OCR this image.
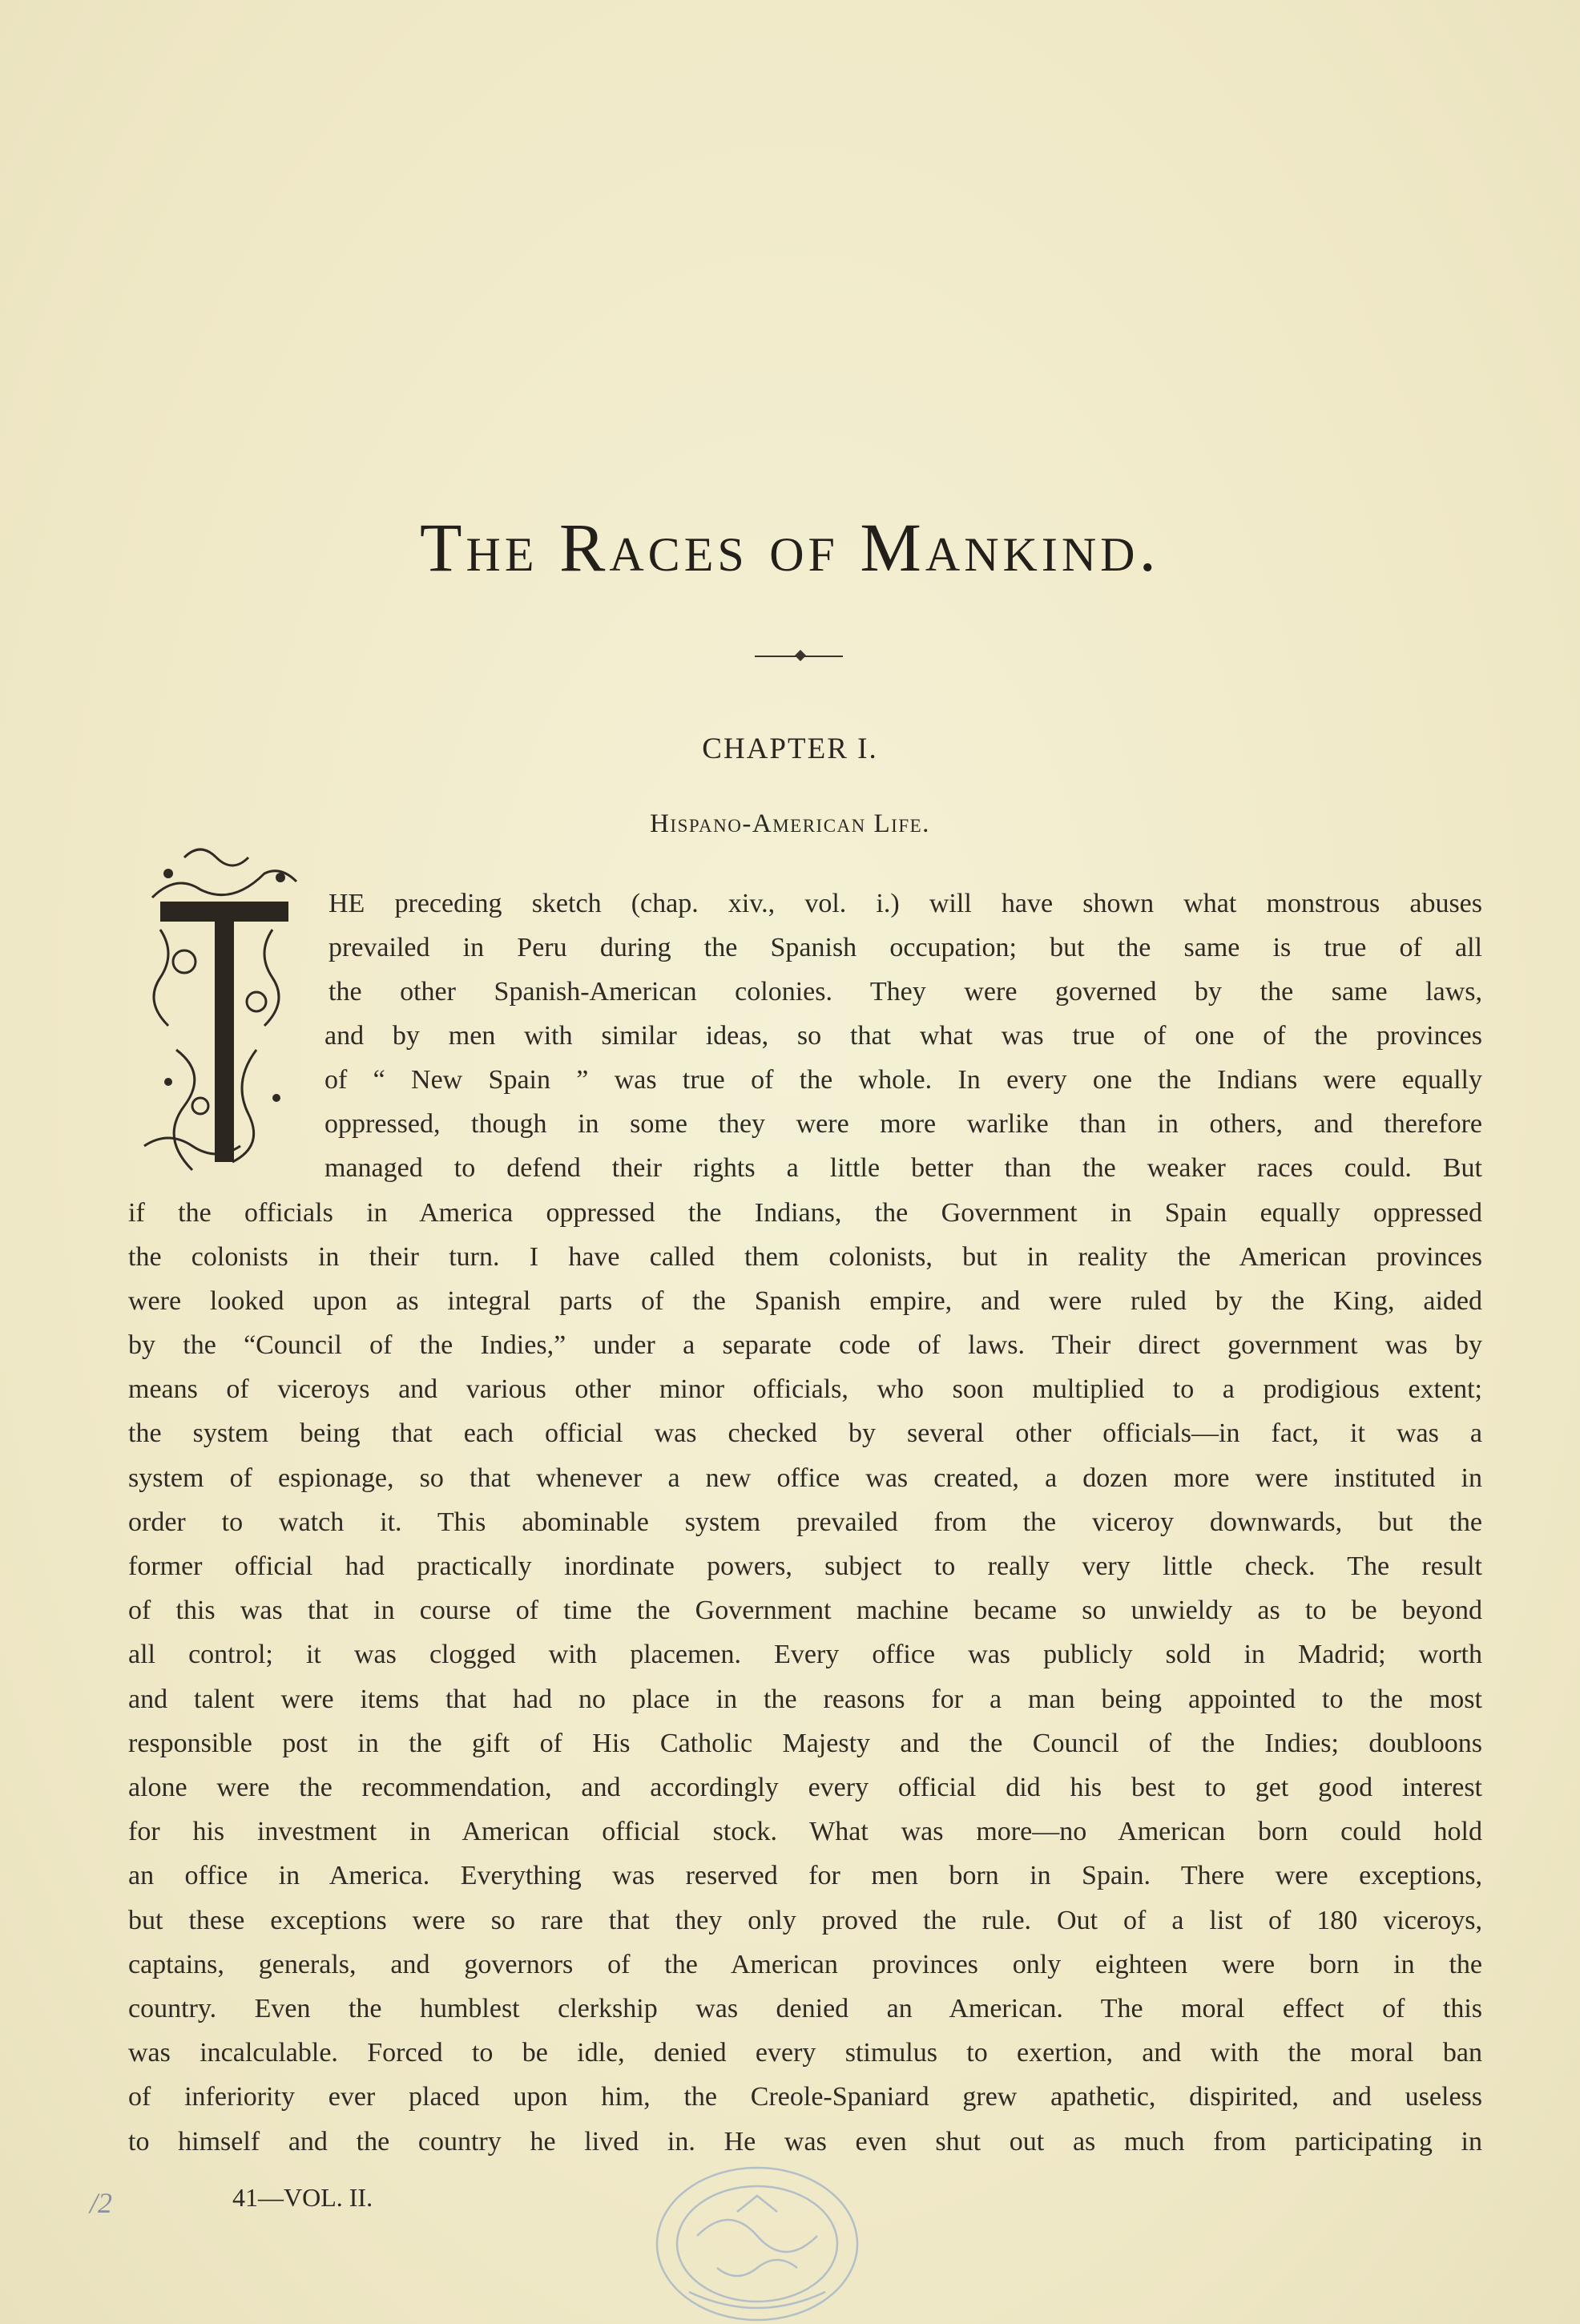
The Races of Mankind.
CHAPTER I.
Hispano-American Life.
T
HE preceding sketch (chap. xiv., vol. i.) will have shown what monstrous abuses
prevailed in Peru during the Spanish occupation; but the same is true of all
the other Spanish-American colonies. They were governed by the same laws,
and by men with similar ideas, so that what was true of one of the provinces
of “ New Spain ” was true of the whole. In every one the Indians were equally
oppressed, though in some they were more warlike than in others, and therefore
managed to defend their rights a little better than the weaker races could. But
if the officials in America oppressed the Indians, the Government in Spain equally oppressed
the colonists in their turn. I have called them colonists, but in reality the American provinces
were looked upon as integral parts of the Spanish empire, and were ruled by the King, aided
by the “Council of the Indies,” under a separate code of laws. Their direct government was by
means of viceroys and various other minor officials, who soon multiplied to a prodigious extent;
the system being that each official was checked by several other officials—in fact, it was a
system of espionage, so that whenever a new office was created, a dozen more were instituted in
order to watch it. This abominable system prevailed from the viceroy downwards, but the
former official had practically inordinate powers, subject to really very little check. The result
of this was that in course of time the Government machine became so unwieldy as to be beyond
all control; it was clogged with placemen. Every office was publicly sold in Madrid; worth
and talent were items that had no place in the reasons for a man being appointed to the most
responsible post in the gift of His Catholic Majesty and the Council of the Indies; doubloons
alone were the recommendation, and accordingly every official did his best to get good interest
for his investment in American official stock. What was more—no American born could hold
an office in America. Everything was reserved for men born in Spain. There were exceptions,
but these exceptions were so rare that they only proved the rule. Out of a list of 180 viceroys,
captains, generals, and governors of the American provinces only eighteen were born in the
country. Even the humblest clerkship was denied an American. The moral effect of this
was incalculable. Forced to be idle, denied every stimulus to exertion, and with the moral ban
of inferiority ever placed upon him, the Creole-Spaniard grew apathetic, dispirited, and useless
to himself and the country he lived in. He was even shut out as much from participating in
/2	41—VOL. II.
